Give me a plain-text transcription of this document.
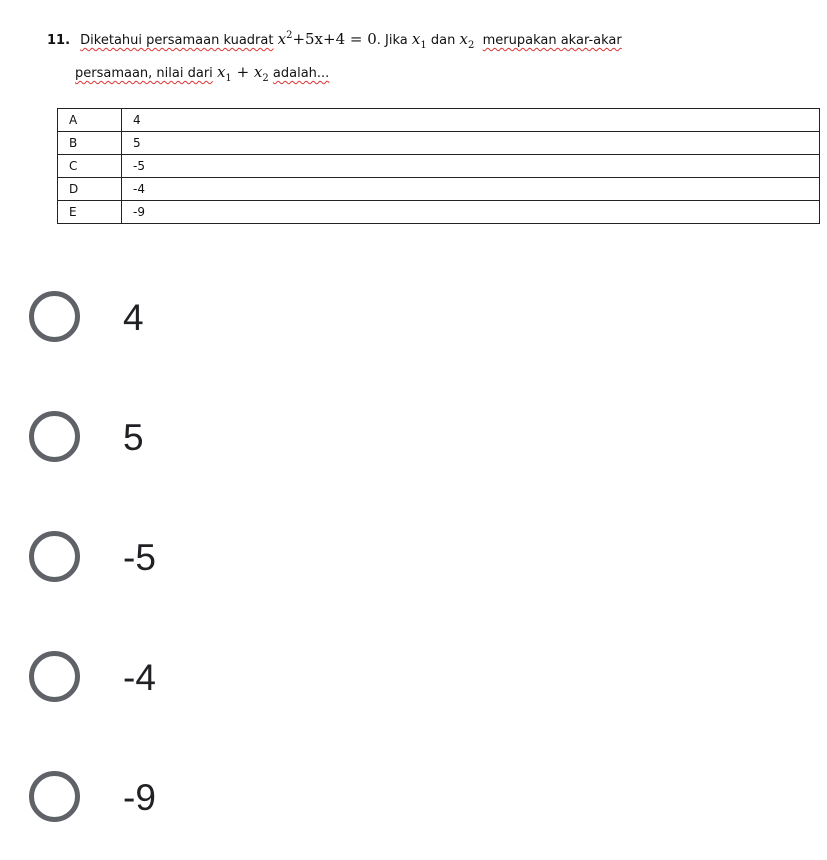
11. Diketahui persamaan kuadrat $x^2+5x+4 = 0$. Jika $x_1$ dan $x_2$ merupakan akar-akar
persamaan, nilai dari $x_1 + x_2$ adalah...
A	4
B	5
C	-5
D	-4
E	-9
4
5
-5
-4
-9
